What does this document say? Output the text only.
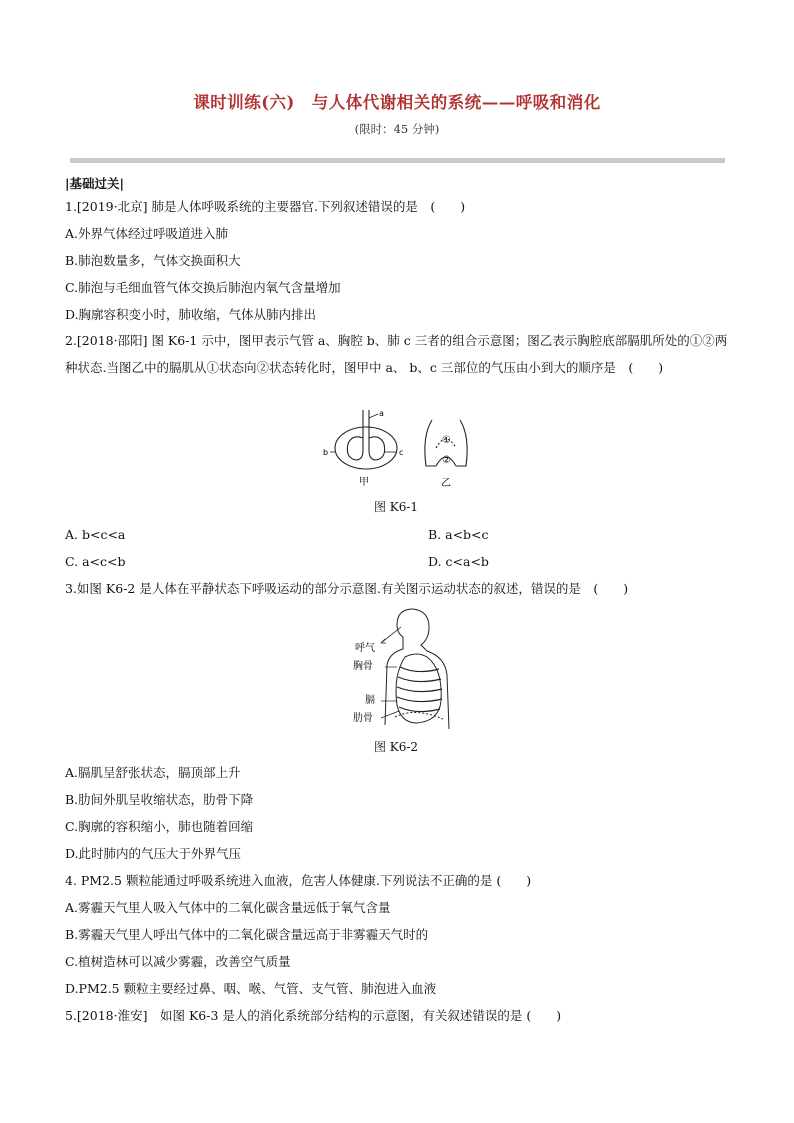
课时训练(六)　与人体代谢相关的系统——呼吸和消化
(限时：45 分钟)
|基础过关|
1.[2019·北京] 肺是人体呼吸系统的主要器官.下列叙述错误的是　(　　)
A.外界气体经过呼吸道进入肺
B.肺泡数量多，气体交换面积大
C.肺泡与毛细血管气体交换后肺泡内氧气含量增加
D.胸廓容积变小时，肺收缩，气体从肺内排出
2.[2018·邵阳] 图 K6-1 示中，图甲表示气管 a、胸腔 b、肺 c 三者的组合示意图；图乙表示胸腔底部膈肌所处的①②两种状态.当图乙中的膈肌从①状态向②状态转化时，图甲中 a、 b、c 三部位的气压由小到大的顺序是　(　　)
a
b	c
甲
①
②
乙
图 K6-1
A. b<c<a	B. a<b<c
C. a<c<b	D. c<a<b
3.如图 K6-2 是人体在平静状态下呼吸运动的部分示意图.有关图示运动状态的叙述，错误的是　(　　)
呼气
胸骨
膈
肋骨
图 K6-2
A.膈肌呈舒张状态，膈顶部上升
B.肋间外肌呈收缩状态，肋骨下降
C.胸廓的容积缩小，肺也随着回缩
D.此时肺内的气压大于外界气压
4. PM2.5 颗粒能通过呼吸系统进入血液，危害人体健康.下列说法不正确的是 (　　)
A.雾霾天气里人吸入气体中的二氧化碳含量远低于氧气含量
B.雾霾天气里人呼出气体中的二氧化碳含量远高于非雾霾天气时的
C.植树造林可以减少雾霾，改善空气质量
D.PM2.5 颗粒主要经过鼻、咽、喉、气管、支气管、肺泡进入血液
5.[2018·淮安]　如图 K6-3 是人的消化系统部分结构的示意图，有关叙述错误的是 (　　)
